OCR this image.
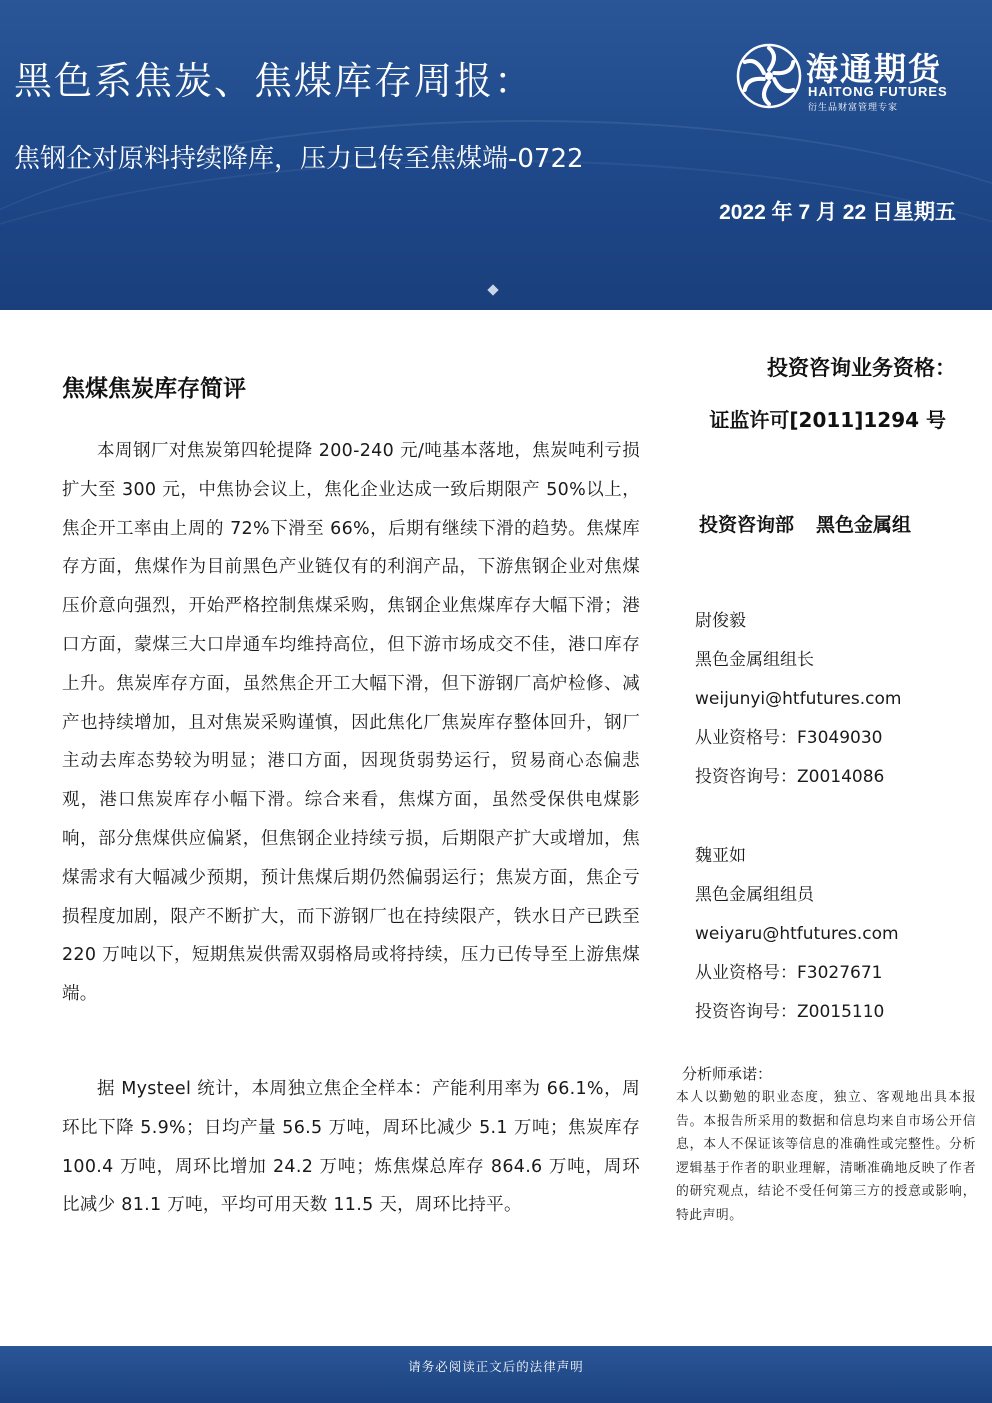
黑色系焦炭、焦煤库存周报：
焦钢企对原料持续降库，压力已传至焦煤端-0722
海通期货
HAITONG FUTURES
衍生品财富管理专家
2022 年 7 月 22 日星期五
焦煤焦炭库存简评
本周钢厂对焦炭第四轮提降 200-240 元/吨基本落地，焦炭吨利亏损扩大至 300 元，中焦协会议上，焦化企业达成一致后期限产 50%以上，焦企开工率由上周的 72%下滑至 66%，后期有继续下滑的趋势。焦煤库存方面，焦煤作为目前黑色产业链仅有的利润产品，下游焦钢企业对焦煤压价意向强烈，开始严格控制焦煤采购，焦钢企业焦煤库存大幅下滑；港口方面，蒙煤三大口岸通车均维持高位，但下游市场成交不佳，港口库存上升。焦炭库存方面，虽然焦企开工大幅下滑，但下游钢厂高炉检修、减产也持续增加，且对焦炭采购谨慎，因此焦化厂焦炭库存整体回升，钢厂主动去库态势较为明显；港口方面，因现货弱势运行，贸易商心态偏悲观，港口焦炭库存小幅下滑。综合来看，焦煤方面，虽然受保供电煤影响，部分焦煤供应偏紧，但焦钢企业持续亏损，后期限产扩大或增加，焦煤需求有大幅减少预期，预计焦煤后期仍然偏弱运行；焦炭方面，焦企亏损程度加剧，限产不断扩大，而下游钢厂也在持续限产，铁水日产已跌至 220 万吨以下，短期焦炭供需双弱格局或将持续，压力已传导至上游焦煤端。
据 Mysteel 统计，本周独立焦企全样本：产能利用率为 66.1%，周环比下降 5.9%；日均产量 56.5 万吨，周环比减少 5.1 万吨；焦炭库存 100.4 万吨，周环比增加 24.2 万吨；炼焦煤总库存 864.6 万吨，周环比减少 81.1 万吨，平均可用天数 11.5 天，周环比持平。
投资咨询业务资格：
证监许可[2011]1294 号
投资咨询部 黑色金属组
尉俊毅
黑色金属组组长
weijunyi@htfutures.com
从业资格号：F3049030
投资咨询号：Z0014086
魏亚如
黑色金属组组员
weiyaru@htfutures.com
从业资格号：F3027671
投资咨询号：Z0015110
分析师承诺：
本人以勤勉的职业态度，独立、客观地出具本报告。本报告所采用的数据和信息均来自市场公开信息，本人不保证该等信息的准确性或完整性。分析逻辑基于作者的职业理解，清晰准确地反映了作者的研究观点，结论不受任何第三方的授意或影响，特此声明。
请务必阅读正文后的法律声明
